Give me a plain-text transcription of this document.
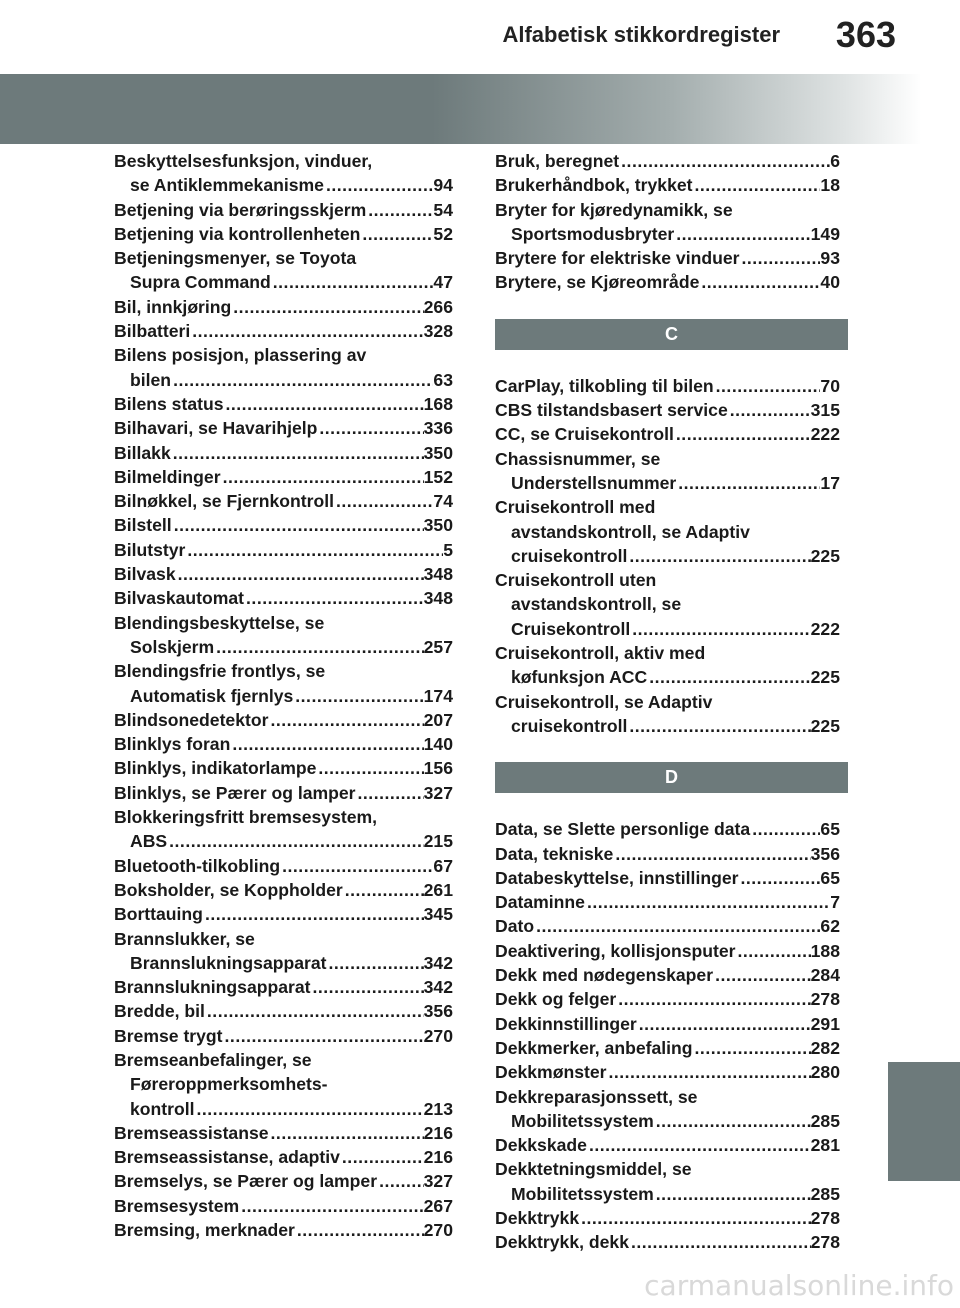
Alfabetisk stikkordregister 363
Beskyttelsesfunksjon, vinduer,
se Antiklemmekanisme .....	94
Betjening via berøringsskjerm .....	54
Betjening via kontrollenheten .....	52
Betjeningsmenyer, se Toyota
Supra Command .....	47
Bil, innkjøring .....	266
Bilbatteri .....	328
Bilens posisjon, plassering av
bilen .....	63
Bilens status .....	168
Bilhavari, se Havarihjelp .....	336
Billakk .....	350
Bilmeldinger .....	152
Bilnøkkel, se Fjernkontroll .....	74
Bilstell .....	350
Bilutstyr .....	5
Bilvask .....	348
Bilvaskautomat .....	348
Blendingsbeskyttelse, se
Solskjerm .....	257
Blendingsfrie frontlys, se
Automatisk fjernlys .....	174
Blindsonedetektor .....	207
Blinklys foran .....	140
Blinklys, indikatorlampe .....	156
Blinklys, se Pærer og lamper .....	327
Blokkeringsfritt bremsesystem,
ABS .....	215
Bluetooth-tilkobling .....	67
Boksholder, se Koppholder .....	261
Borttauing .....	345
Brannslukker, se
Brannslukningsapparat .....	342
Brannslukningsapparat .....	342
Bredde, bil .....	356
Bremse trygt .....	270
Bremseanbefalinger, se
Føreroppmerksomhets-
kontroll .....	213
Bremseassistanse .....	216
Bremseassistanse, adaptiv .....	216
Bremselys, se Pærer og lamper .....	327
Bremsesystem .....	267
Bremsing, merknader .....	270
Bruk, beregnet .....	6
Brukerhåndbok, trykket .....	18
Bryter for kjøredynamikk, se
Sportsmodusbryter .....	149
Brytere for elektriske vinduer .....	93
Brytere, se Kjøreområde .....	40
C
CarPlay, tilkobling til bilen .....	70
CBS tilstandsbasert service .....	315
CC, se Cruisekontroll .....	222
Chassisnummer, se
Understellsnummer .....	17
Cruisekontroll med
avstandskontroll, se Adaptiv
cruisekontroll .....	225
Cruisekontroll uten
avstandskontroll, se
Cruisekontroll .....	222
Cruisekontroll, aktiv med
køfunksjon ACC .....	225
Cruisekontroll, se Adaptiv
cruisekontroll .....	225
D
Data, se Slette personlige data .....	65
Data, tekniske .....	356
Databeskyttelse, innstillinger .....	65
Dataminne .....	7
Dato .....	62
Deaktivering, kollisjonsputer .....	188
Dekk med nødegenskaper .....	284
Dekk og felger .....	278
Dekkinnstillinger .....	291
Dekkmerker, anbefaling .....	282
Dekkmønster .....	280
Dekkreparasjonssett, se
Mobilitetssystem .....	285
Dekkskade .....	281
Dekktetningsmiddel, se
Mobilitetssystem .....	285
Dekktrykk .....	278
Dekktrykk, dekk .....	278
carmanualsonline.info
